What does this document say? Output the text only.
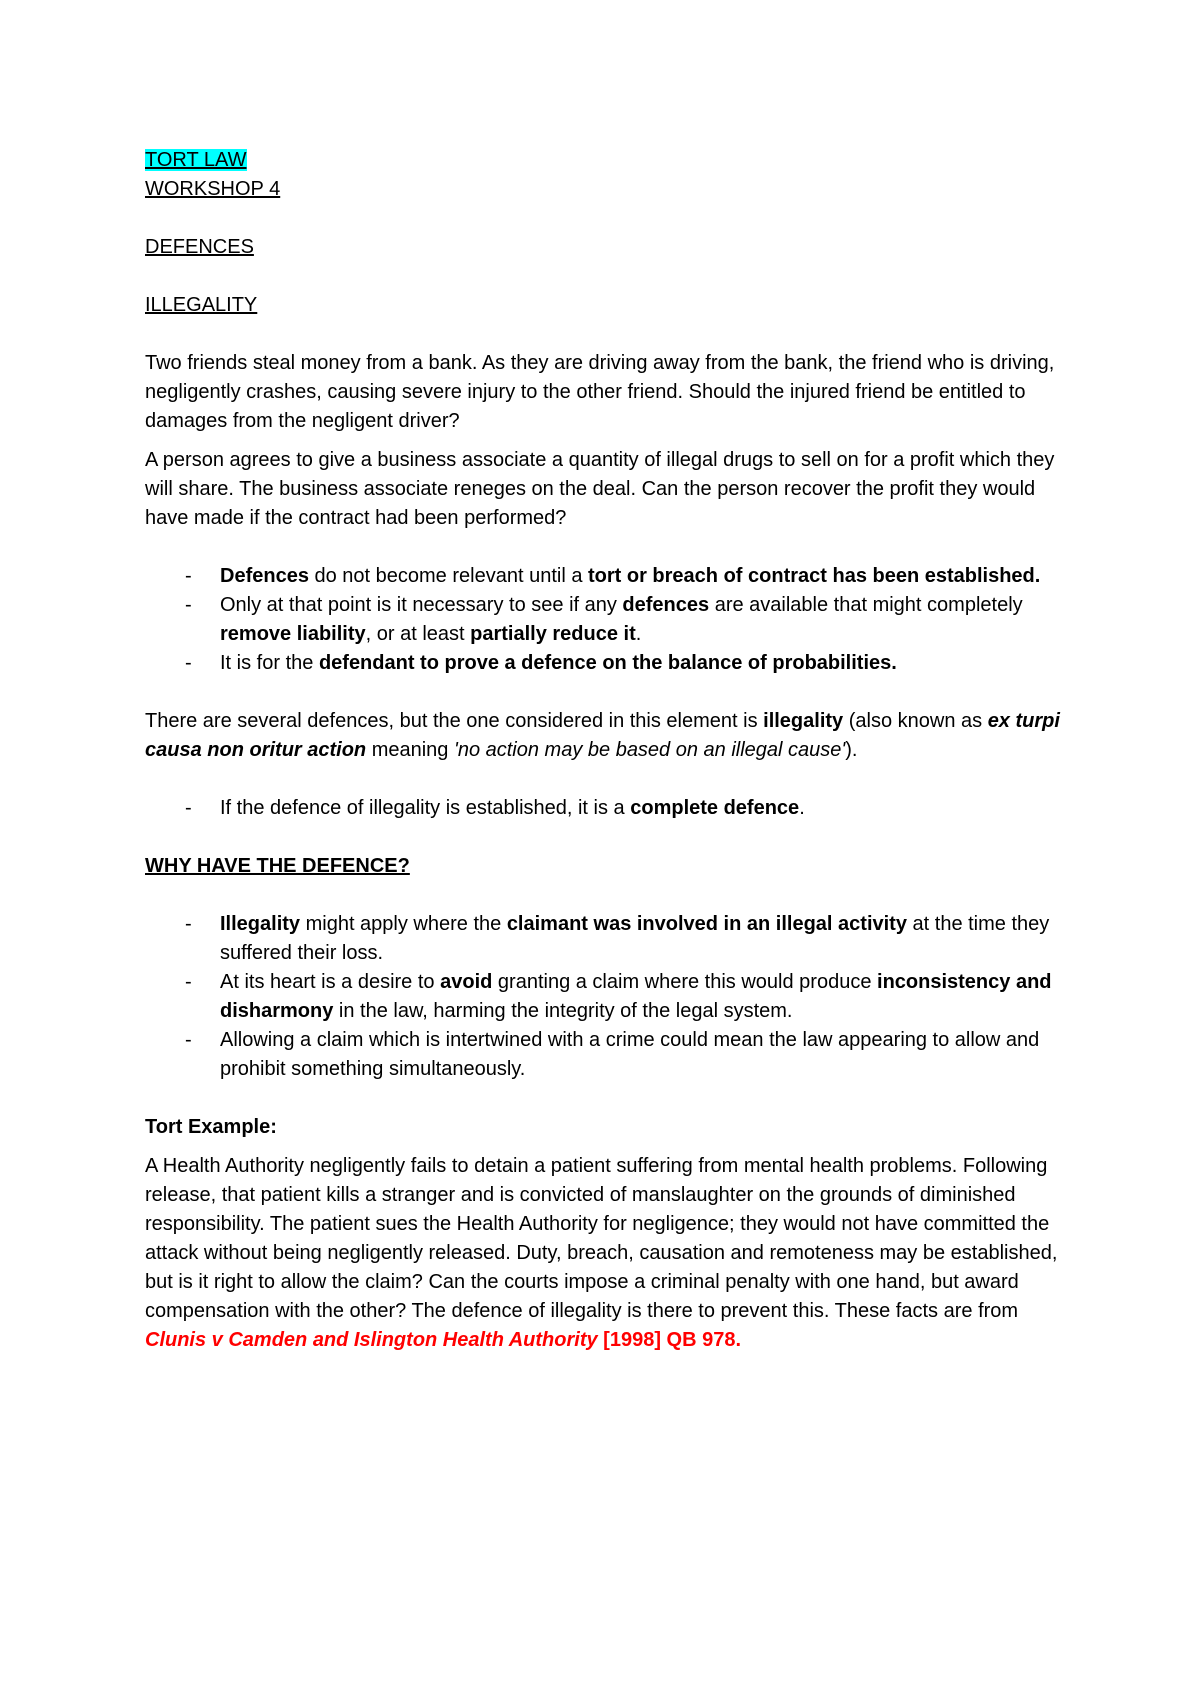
TORT LAW

WORKSHOP 4

DEFENCES

ILLEGALITY

Two friends steal money from a bank. As they are driving away from the bank, the friend who is driving, negligently crashes, causing severe injury to the other friend. Should the injured friend be entitled to damages from the negligent driver?

A person agrees to give a business associate a quantity of illegal drugs to sell on for a profit which they will share. The business associate reneges on the deal. Can the person recover the profit they would have made if the contract had been performed?

- Defences do not become relevant until a tort or breach of contract has been established.
- Only at that point is it necessary to see if any defences are available that might completely remove liability, or at least partially reduce it.
- It is for the defendant to prove a defence on the balance of probabilities.

There are several defences, but the one considered in this element is illegality (also known as ex turpi causa non oritur action meaning 'no action may be based on an illegal cause').

- If the defence of illegality is established, it is a complete defence.

WHY HAVE THE DEFENCE?

- Illegality might apply where the claimant was involved in an illegal activity at the time they suffered their loss.
- At its heart is a desire to avoid granting a claim where this would produce inconsistency and disharmony in the law, harming the integrity of the legal system.
- Allowing a claim which is intertwined with a crime could mean the law appearing to allow and prohibit something simultaneously.

Tort Example:

A Health Authority negligently fails to detain a patient suffering from mental health problems. Following release, that patient kills a stranger and is convicted of manslaughter on the grounds of diminished responsibility. The patient sues the Health Authority for negligence; they would not have committed the attack without being negligently released. Duty, breach, causation and remoteness may be established, but is it right to allow the claim? Can the courts impose a criminal penalty with one hand, but award compensation with the other? The defence of illegality is there to prevent this. These facts are from Clunis v Camden and Islington Health Authority [1998] QB 978.
